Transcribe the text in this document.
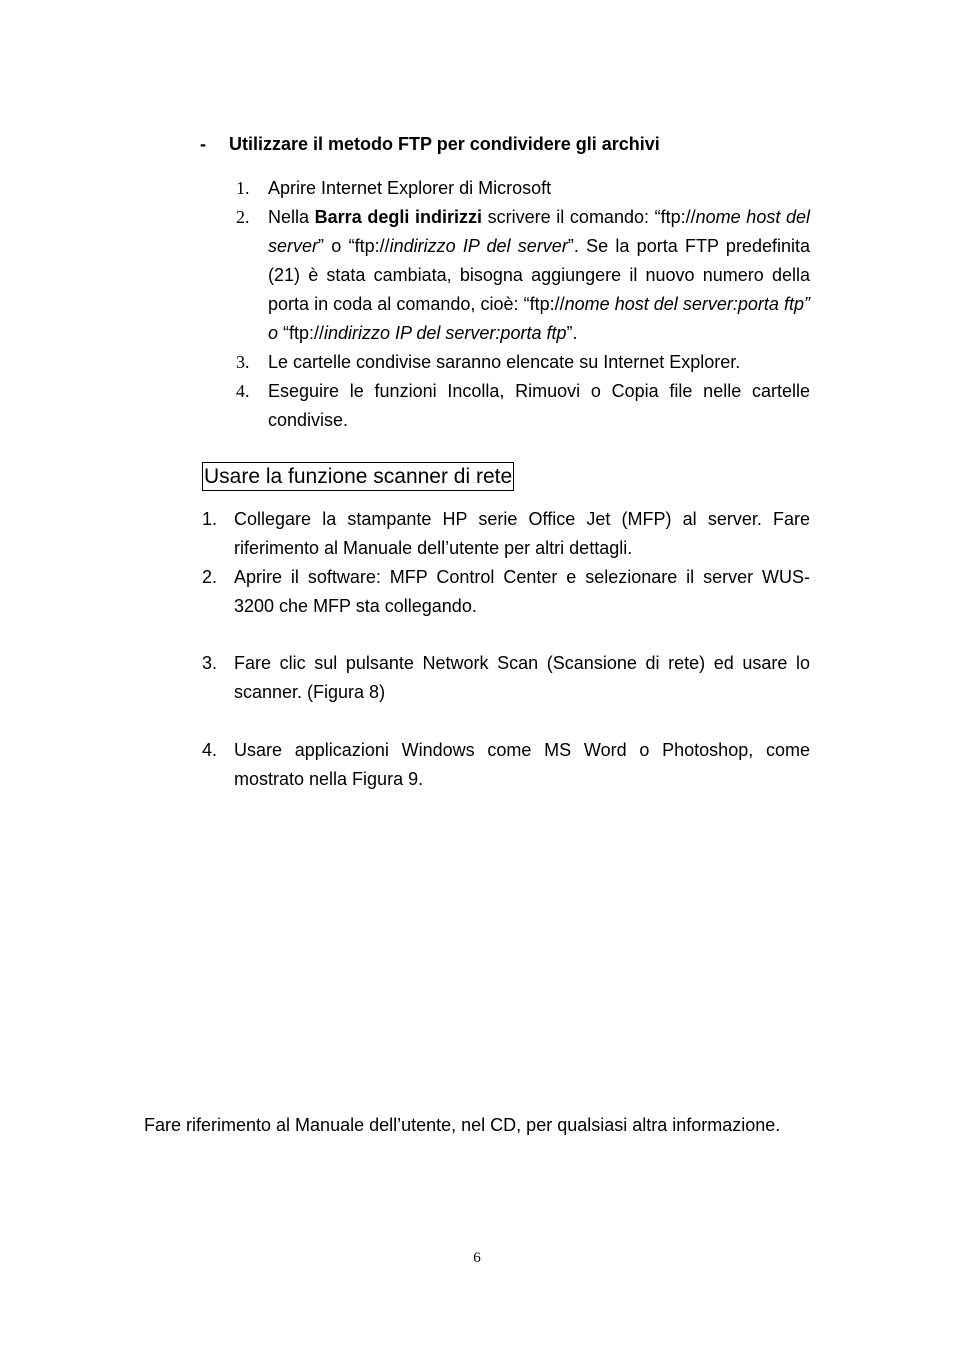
- Utilizzare il metodo FTP per condividere gli archivi
1.	Aprire Internet Explorer di Microsoft
2.	Nella Barra degli indirizzi scrivere il comando: “ftp://nome host del server” o “ftp://indirizzo IP del server”. Se la porta FTP predefinita (21) è stata cambiata, bisogna aggiungere il nuovo numero della porta in coda al comando, cioè: “ftp://nome host del server:porta ftp” o “ftp://indirizzo IP del server:porta ftp”.
3.	Le cartelle condivise saranno elencate su Internet Explorer.
4.	Eseguire le funzioni Incolla, Rimuovi o Copia file nelle cartelle condivise.
Usare la funzione scanner di rete
1. Collegare la stampante HP serie Office Jet (MFP) al server. Fare riferimento al Manuale dell’utente per altri dettagli.
2. Aprire il software: MFP Control Center e selezionare il server WUS-3200 che MFP sta collegando.
3. Fare clic sul pulsante Network Scan (Scansione di rete) ed usare lo scanner. (Figura 8)
4. Usare applicazioni Windows come MS Word o Photoshop, come mostrato nella Figura 9.
Fare riferimento al Manuale dell’utente, nel CD, per qualsiasi altra informazione.
6
